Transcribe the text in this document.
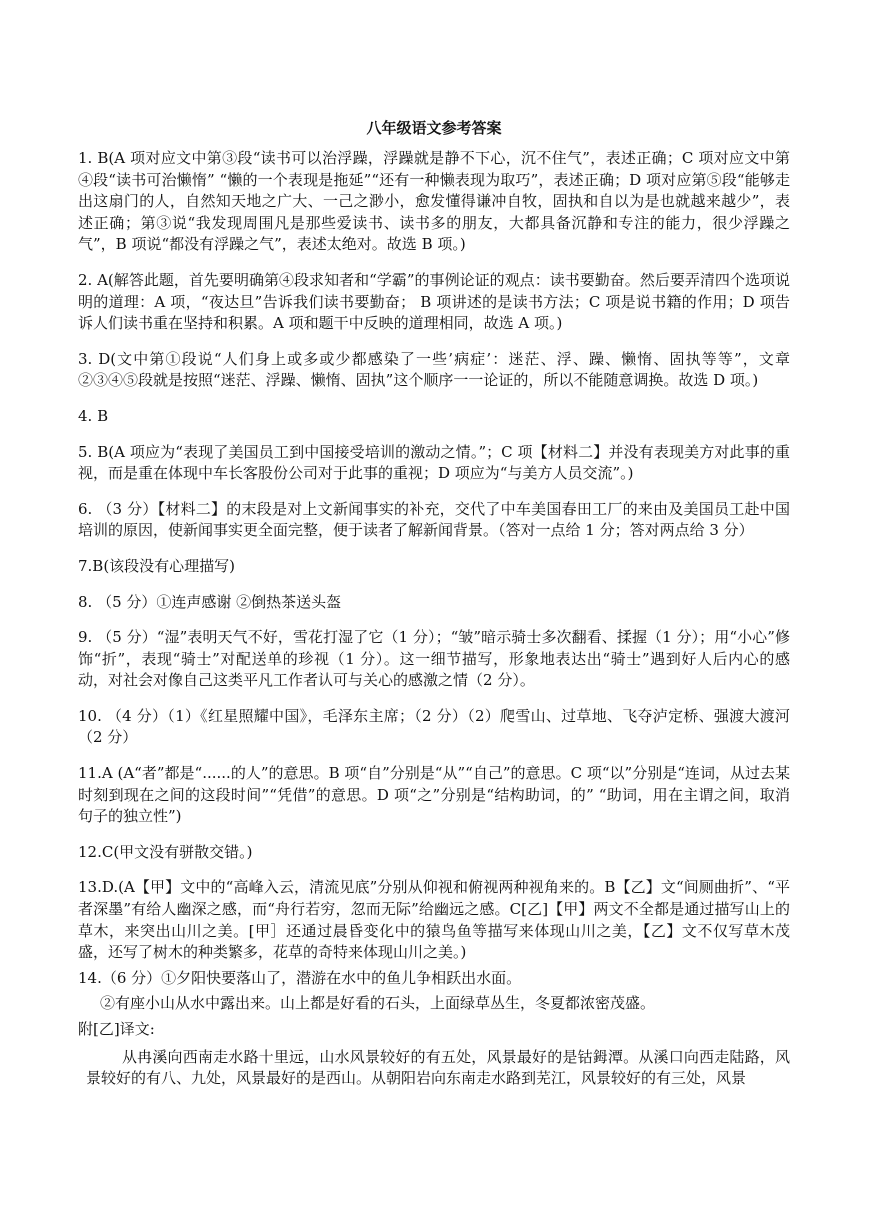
八年级语文参考答案
1. B(A 项对应文中第③段“读书可以治浮躁，浮躁就是静不下心，沉不住气”，表述正确；C 项对应文中第④段“读书可治懒惰” “懒的一个表现是拖延”“还有一种懒表现为取巧”，表述正确；D 项对应第⑤段“能够走出这扇门的人，自然知天地之广大、一己之渺小，愈发懂得谦冲自牧，固执和自以为是也就越来越少”，表述正确；第③说“我发现周围凡是那些爱读书、读书多的朋友，大都具备沉静和专注的能力，很少浮躁之气”，B 项说“都没有浮躁之气”，表述太绝对。故选 B 项。)
2. A(解答此题，首先要明确第④段求知者和“学霸”的事例论证的观点：读书要勤奋。然后要弄清四个选项说明的道理：A 项，“夜达旦”告诉我们读书要勤奋； B 项讲述的是读书方法；C 项是说书籍的作用；D 项告诉人们读书重在坚持和积累。A 项和题干中反映的道理相同，故选 A 项。)
3. D(文中第①段说“人们身上或多或少都感染了一些’病症’：迷茫、浮、躁、懒惰、固执等等”，文章②③④⑤段就是按照“迷茫、浮躁、懒惰、固执”这个顺序一一论证的，所以不能随意调换。故选 D 项。)
4. B
5. B(A 项应为“表现了美国员工到中国接受培训的激动之情。”；C 项【材料二】并没有表现美方对此事的重视，而是重在体现中车长客股份公司对于此事的重视；D 项应为“与美方人员交流”。)
6. （3 分）【材料二】的末段是对上文新闻事实的补充，交代了中车美国春田工厂的来由及美国员工赴中国培训的原因，使新闻事实更全面完整，便于读者了解新闻背景。（答对一点给 1 分；答对两点给 3 分）
7.B(该段没有心理描写)
8. （5 分）①连声感谢 ②倒热茶送头盔
9. （5 分）“湿”表明天气不好，雪花打湿了它（1 分）；“皱”暗示骑士多次翻看、揉握（1 分）；用“小心”修饰“折”，表现“骑士”对配送单的珍视（1 分）。这一细节描写，形象地表达出“骑士”遇到好人后内心的感动，对社会对像自己这类平凡工作者认可与关心的感激之情（2 分）。
10. （4 分）（1）《红星照耀中国》，毛泽东主席；（2 分）（2）爬雪山、过草地、飞夺泸定桥、强渡大渡河（2 分）
11.A (A“者”都是“......的人”的意思。B 项“自”分别是“从”“自己”的意思。C 项“以”分别是“连词，从过去某时刻到现在之间的这段时间”“凭借”的意思。D 项“之”分别是“结构助词，的” “助词，用在主谓之间，取消句子的独立性”)
12.C(甲文没有骈散交错。)
13.D.(A【甲】文中的“高峰入云，清流见底”分别从仰视和俯视两种视角来的。B【乙】文“间厕曲折”、“平者深墨”有给人幽深之感，而“舟行若穷，忽而无际”给幽远之感。C[乙]【甲】两文不全都是通过描写山上的草木，来突出山川之美。[甲］还通过晨昏变化中的猿鸟鱼等描写来体现山川之美，【乙】文不仅写草木茂盛，还写了树木的种类繁多，花草的奇特来体现山川之美。)
14.（6 分）①夕阳快要落山了，潜游在水中的鱼儿争相跃出水面。
②有座小山从水中露出来。山上都是好看的石头，上面绿草丛生，冬夏都浓密茂盛。
附[乙]译文:
从冉溪向西南走水路十里远，山水风景较好的有五处，风景最好的是钴鉧潭。从溪口向西走陆路，风景较好的有八、九处，风景最好的是西山。从朝阳岩向东南走水路到芜江，风景较好的有三处，风景
